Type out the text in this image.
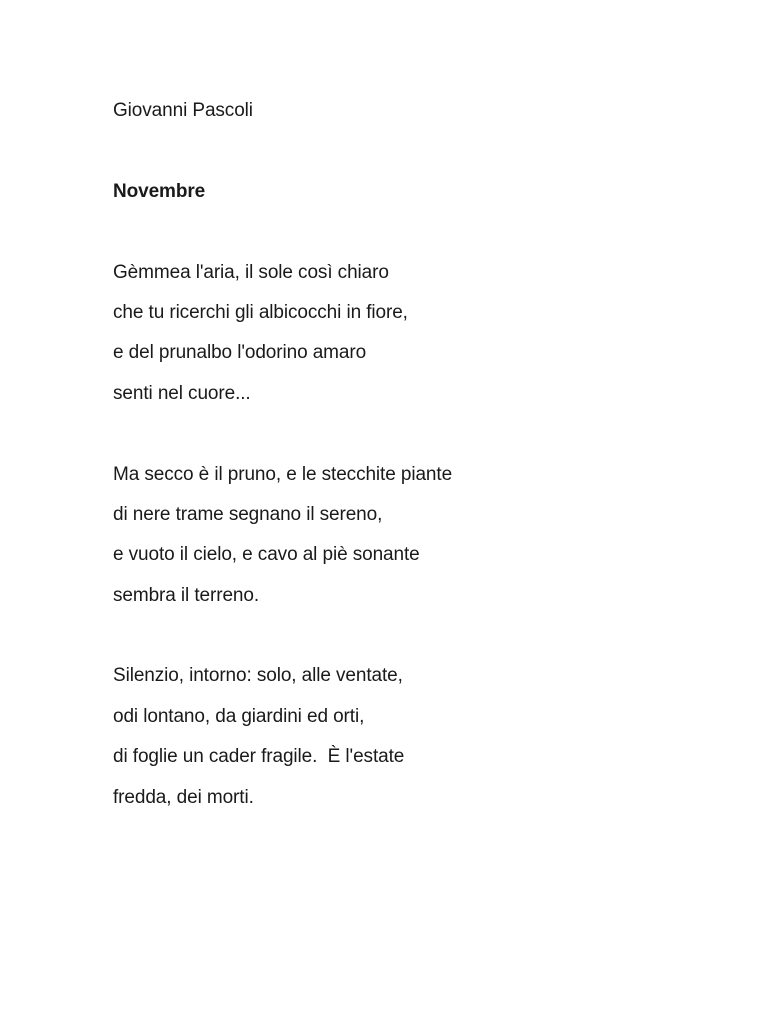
Giovanni Pascoli
Novembre
Gèmmea l'aria, il sole così chiaro
che tu ricerchi gli albicocchi in fiore,
e del prunalbo l'odorino amaro
senti nel cuore...
Ma secco è il pruno, e le stecchite piante
di nere trame segnano il sereno,
e vuoto il cielo, e cavo al piè sonante
sembra il terreno.
Silenzio, intorno: solo, alle ventate,
odi lontano, da giardini ed orti,
di foglie un cader fragile.  È l'estate
fredda, dei morti.
